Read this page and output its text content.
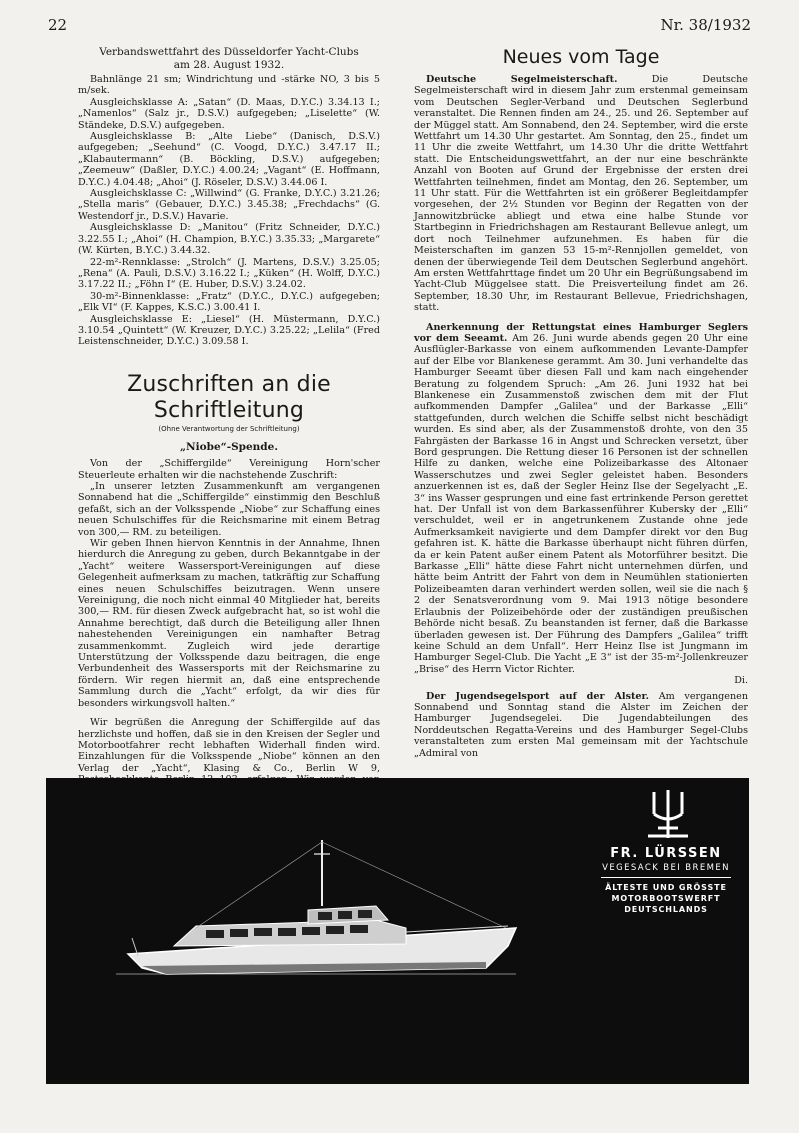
22	Nr. 38/1932
Verbandswettfahrt des Düsseldorfer Yacht-Clubs
am 28. August 1932.

Bahnlänge 21 sm; Windrichtung und -stärke NO, 3 bis 5 m/sek.

Ausgleichsklasse A: „Satan“ (D. Maas, D.Y.C.) 3.34.13 I.; „Namenlos“ (Salz jr., D.S.V.) aufgegeben; „Liselette“ (W. Ständeke, D.S.V.) aufgegeben.

Ausgleichsklasse B: „Alte Liebe“ (Danisch, D.S.V.) aufgegeben; „Seehund“ (C. Voogd, D.Y.C.) 3.47.17 II.; „Klabautermann“ (B. Böckling, D.S.V.) aufgegeben; „Zeemeuw“ (Daßler, D.Y.C.) 4.00.24; „Vagant“ (E. Hoffmann, D.Y.C.) 4.04.48; „Ahoi“ (J. Röseler, D.S.V.) 3.44.06 I.

Ausgleichsklasse C: „Willwind“ (G. Franke, D.Y.C.) 3.21.26; „Stella maris“ (Gebauer, D.Y.C.) 3.45.38; „Frechdachs“ (G. Westendorf jr., D.S.V.) Havarie.

Ausgleichsklasse D: „Manitou“ (Fritz Schneider, D.Y.C.) 3.22.55 I.; „Ahoi“ (H. Champion, B.Y.C.) 3.35.33; „Margarete“ (W. Kürten, B.Y.C.) 3.44.32.

22-m²-Rennklasse: „Strolch“ (J. Martens, D.S.V.) 3.25.05; „Rena“ (A. Pauli, D.S.V.) 3.16.22 I.; „Küken“ (H. Wolff, D.Y.C.) 3.17.22 II.; „Föhn I“ (E. Huber, D.S.V.) 3.24.02.

30-m²-Binnenklasse: „Fratz“ (D.Y.C., D.Y.C.) aufgegeben; „Elk VI“ (F. Kappes, K.S.C.) 3.00.41 I.

Ausgleichsklasse E: „Liesel“ (H. Müstermann, D.Y.C.) 3.10.54 „Quintett“ (W. Kreuzer, D.Y.C.) 3.25.22; „Lelila“ (Fred Leistenschneider, D.Y.C.) 3.09.58 I.

Zuschriften an die Schriftleitung
(Ohne Verantwortung der Schriftleitung)
„Niobe“-Spende.

Von der „Schiffergilde“ Vereinigung Horn'scher Steuerleute erhalten wir die nachstehende Zuschrift:

„In unserer letzten Zusammenkunft am vergangenen Sonnabend hat die „Schiffergilde“ einstimmig den Beschluß gefaßt, sich an der Volksspende „Niobe“ zur Schaffung eines neuen Schulschiffes für die Reichsmarine mit einem Betrag von 300,— RM. zu beteiligen.

Wir geben Ihnen hiervon Kenntnis in der Annahme, Ihnen hierdurch die Anregung zu geben, durch Bekanntgabe in der „Yacht“ weitere Wassersport-Vereinigungen auf diese Gelegenheit aufmerksam zu machen, tatkräftig zur Schaffung eines neuen Schulschiffes beizutragen. Wenn unsere Vereinigung, die noch nicht einmal 40 Mitglieder hat, bereits 300,— RM. für diesen Zweck aufgebracht hat, so ist wohl die Annahme berechtigt, daß durch die Beteiligung aller Ihnen nahestehenden Vereinigungen ein namhafter Betrag zusammenkommt. Zugleich wird jede derartige Unterstützung der Volksspende dazu beitragen, die enge Verbundenheit des Wassersports mit der Reichsmarine zu fördern. Wir regen hiermit an, daß eine entsprechende Sammlung durch die „Yacht“ erfolgt, da wir dies für besonders wirkungsvoll halten.“

Wir begrüßen die Anregung der Schiffergilde auf das herzlichste und hoffen, daß sie in den Kreisen der Segler und Motorbootfahrer recht lebhaften Widerhall finden wird. Einzahlungen für die Volksspende „Niobe“ können an den Verlag der „Yacht“, Klasing & Co., Berlin W 9,

Neues vom Tage

Deutsche Segelmeisterschaft.	Die Deutsche Segelmeisterschaft wird in diesem Jahr zum erstenmal gemeinsam vom Deutschen Segler-Verband und Deutschen Seglerbund veranstaltet. Die Rennen finden am 24., 25. und 26. September auf der Müggel statt. Am Sonnabend, den 24. September, wird die erste Wettfahrt um 14.30 Uhr gestartet. Am Sonntag, den 25., findet um 11 Uhr die zweite Wettfahrt, um 14.30 Uhr die dritte Wettfahrt statt. Die Entscheidungswettfahrt, an der nur eine beschränkte Anzahl von Booten auf Grund der Ergebnisse der ersten drei Wettfahrten teilnehmen, findet am Montag, den 26. September, um 11 Uhr statt. Für die Wettfahrten ist ein größerer Begleitdampfer vorgesehen, der 2½ Stunden vor Beginn der Regatten von der Jannowitzbrücke abliegt und etwa eine halbe Stunde vor Startbeginn in Friedrichshagen am Restaurant Bellevue anlegt, um dort noch Teilnehmer aufzunehmen. Es haben für die Meisterschaften im ganzen 53 15-m²-Rennjollen gemeldet, von denen der überwiegende Teil dem Deutschen Seglerbund angehört. Am ersten Wettfahrttage findet um 20 Uhr ein Begrüßungsabend im Yacht-Club Müggelsee statt. Die Preisverteilung findet am 26. September, 18.30 Uhr, im Restaurant Bellevue, Friedrichshagen, statt.

Anerkennung der Rettungstat eines Hamburger Seglers vor dem Seeamt. Am 26. Juni wurde abends gegen 20 Uhr eine Ausflügler-Barkasse von einem aufkommenden Levante-Dampfer auf der Elbe vor Blankenese gerammt. Am 30. Juni verhandelte das Hamburger Seeamt über diesen Fall und kam nach eingehender Beratung zu folgendem Spruch: „Am 26. Juni 1932 hat bei Blankenese ein Zusammenstoß zwischen dem mit der Flut aufkommenden Dampfer „Galilea“ und der Barkasse „Elli“ stattgefunden, durch welchen die Schiffe selbst nicht beschädigt wurden. Es sind aber, als der Zusammenstoß drohte, von den 35 Fahrgästen der Barkasse 16 in Angst und Schrecken versetzt, über Bord gesprungen. Die Rettung dieser 16 Personen ist der schnellen Hilfe zu danken, welche eine Polizeibarkasse des Altonaer Wasserschutzes und zwei Segler geleistet haben. Besonders anzuerkennen ist es, daß der Segler Heinz Ilse der Segelyacht „E. 3“ ins Wasser gesprungen und eine fast ertrinkende Person gerettet hat. Der Unfall ist von dem Barkassenführer Kubersky der „Elli“ verschuldet, weil er in angetrunkenem Zustande ohne jede Aufmerksamkeit navigierte und dem Dampfer direkt vor den Bug gefahren ist. K. hätte die Barkasse überhaupt nicht führen dürfen, da er kein Patent außer einem Patent als Motorführer besitzt. Die Barkasse „Elli“ hätte diese Fahrt nicht unternehmen dürfen, und hätte beim Antritt der Fahrt von dem in Neumühlen stationierten Polizeibeamten daran verhindert werden sollen, weil sie die nach § 2 der Senatsverordnung vom 9. Mai 1913 nötige besondere Erlaubnis der Polizeibehörde oder der zuständigen preußischen Behörde nicht besaß. Zu beanstanden ist ferner, daß die Barkasse überladen gewesen ist. Der Führung des Dampfers „Galilea“ trifft keine Schuld an dem Unfall“. Herr Heinz Ilse ist Jungmann im Hamburger Segel-Club. Die Yacht „E 3“ ist der 35-m²-Jollenkreuzer „Brise“ des Herrn Victor Richter.

Di.

Der Jugendsegelsport auf der Alster. Am vergangenen Sonnabend und Sonntag stand die Alster im Zeichen der Hamburger Jugendsegelei. Die Jugendabteilungen des Norddeutschen Regatta-Vereins und des Hamburger Segel-Clubs veranstalteten zum ersten Mal gemeinsam mit der Yachtschule „Admiral von

FR. LÜRSSEN
VEGESACK BEI BREMEN
ÄLTESTE UND GRÖSSTE
MOTORBOOTSWERFT
DEUTSCHLANDS
